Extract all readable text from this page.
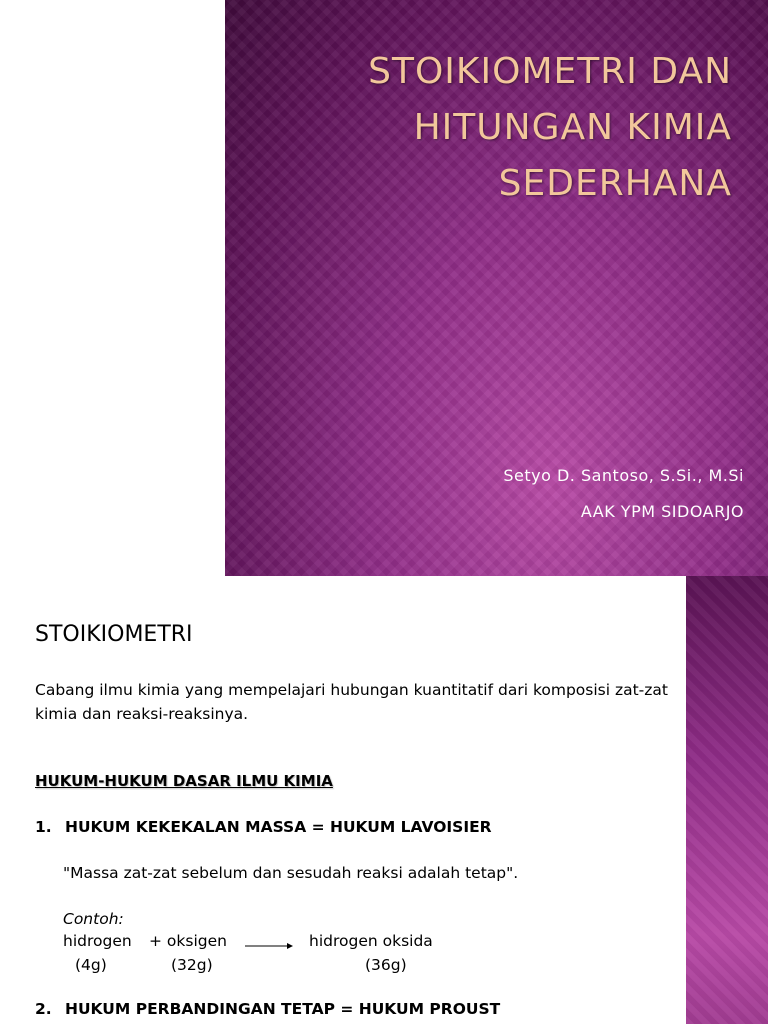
STOIKIOMETRI DAN
HITUNGAN KIMIA
SEDERHANA
Setyo D. Santoso, S.Si., M.Si
AAK YPM SIDOARJO
STOIKIOMETRI

Cabang ilmu kimia yang mempelajari hubungan kuantitatif dari komposisi zat-zat kimia dan reaksi-reaksinya.

HUKUM-HUKUM DASAR ILMU KIMIA
1. HUKUM KEKEKALAN MASSA = HUKUM LAVOISIER
"Massa zat-zat sebelum dan sesudah reaksi adalah tetap".
Contoh:
hidrogen + oksigen → hidrogen oksida
(4g)	(32g)	(36g)
2. HUKUM PERBANDINGAN TETAP = HUKUM PROUST
